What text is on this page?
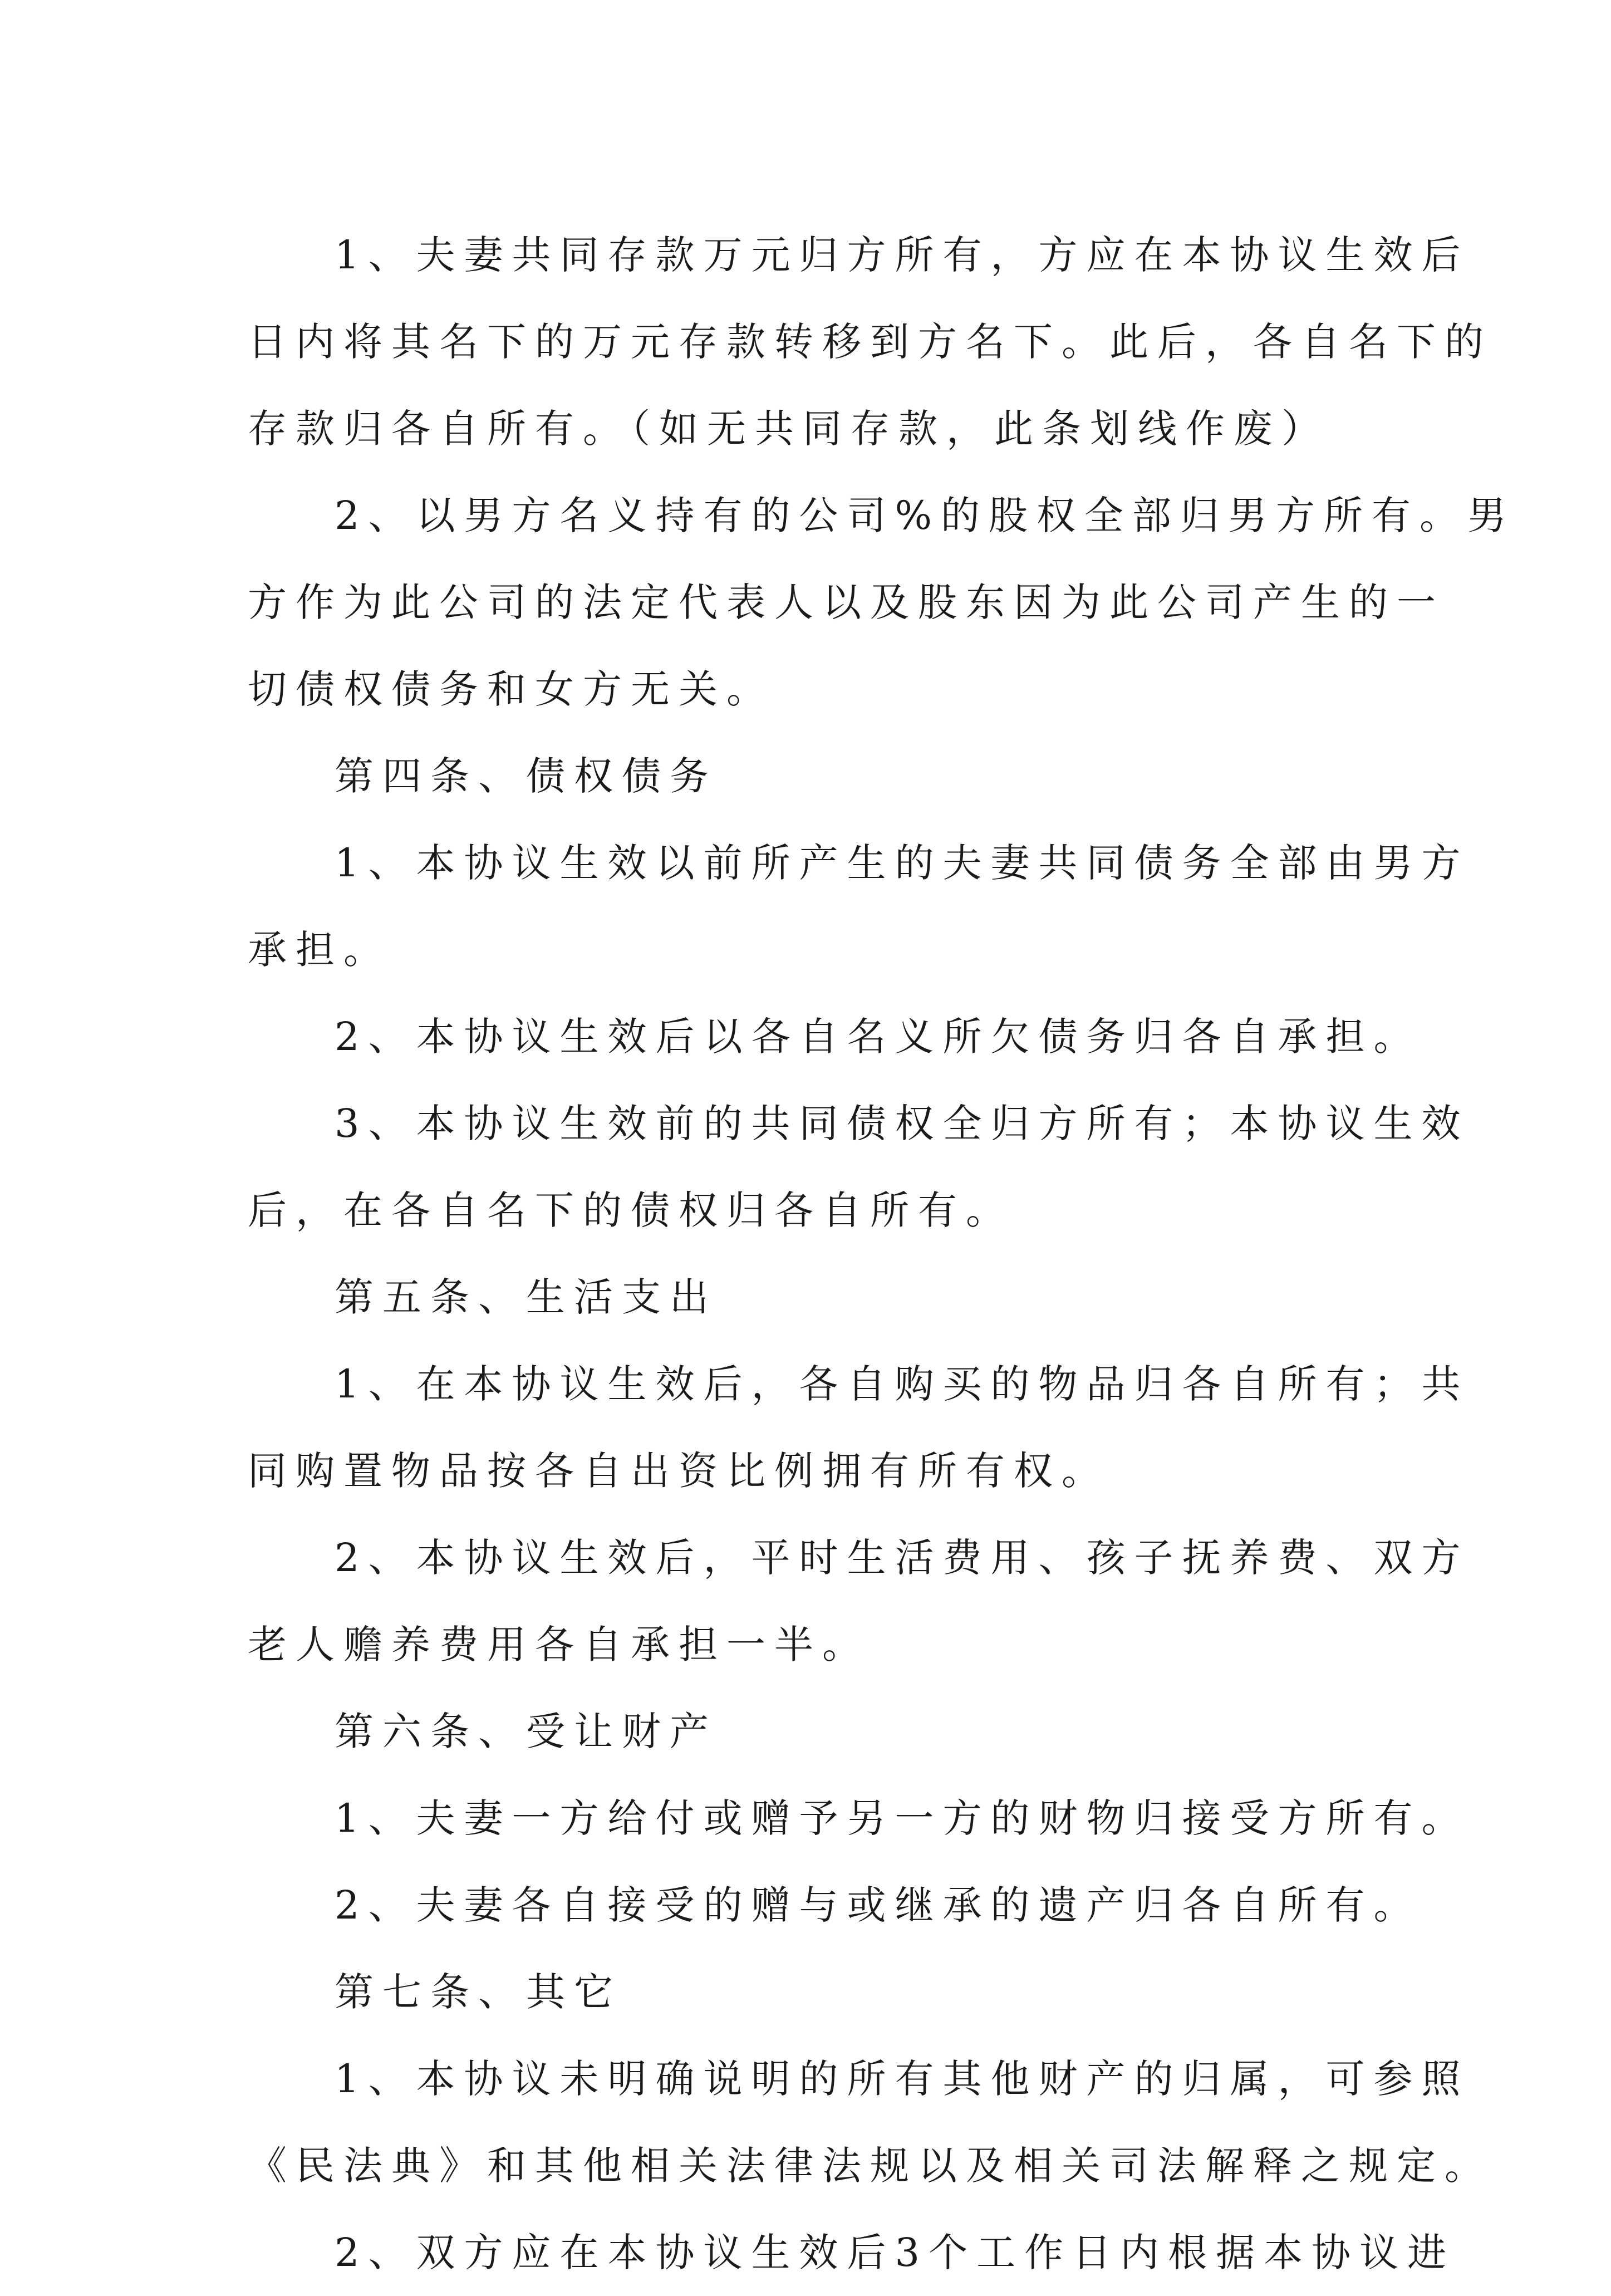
1、夫妻共同存款万元归方所有，方应在本协议生效后
日内将其名下的万元存款转移到方名下。此后，各自名下的
存款归各自所有。（如无共同存款，此条划线作废）
2、以男方名义持有的公司%的股权全部归男方所有。男
方作为此公司的法定代表人以及股东因为此公司产生的一
切债权债务和女方无关。
第四条、债权债务
1、本协议生效以前所产生的夫妻共同债务全部由男方
承担。
2、本协议生效后以各自名义所欠债务归各自承担。
3、本协议生效前的共同债权全归方所有；本协议生效
后，在各自名下的债权归各自所有。
第五条、生活支出
1、在本协议生效后，各自购买的物品归各自所有；共
同购置物品按各自出资比例拥有所有权。
2、本协议生效后，平时生活费用、孩子抚养费、双方
老人赡养费用各自承担一半。
第六条、受让财产
1、夫妻一方给付或赠予另一方的财物归接受方所有。
2、夫妻各自接受的赠与或继承的遗产归各自所有。
第七条、其它
1、本协议未明确说明的所有其他财产的归属，可参照
《民法典》和其他相关法律法规以及相关司法解释之规定。
2、双方应在本协议生效后3个工作日内根据本协议进
